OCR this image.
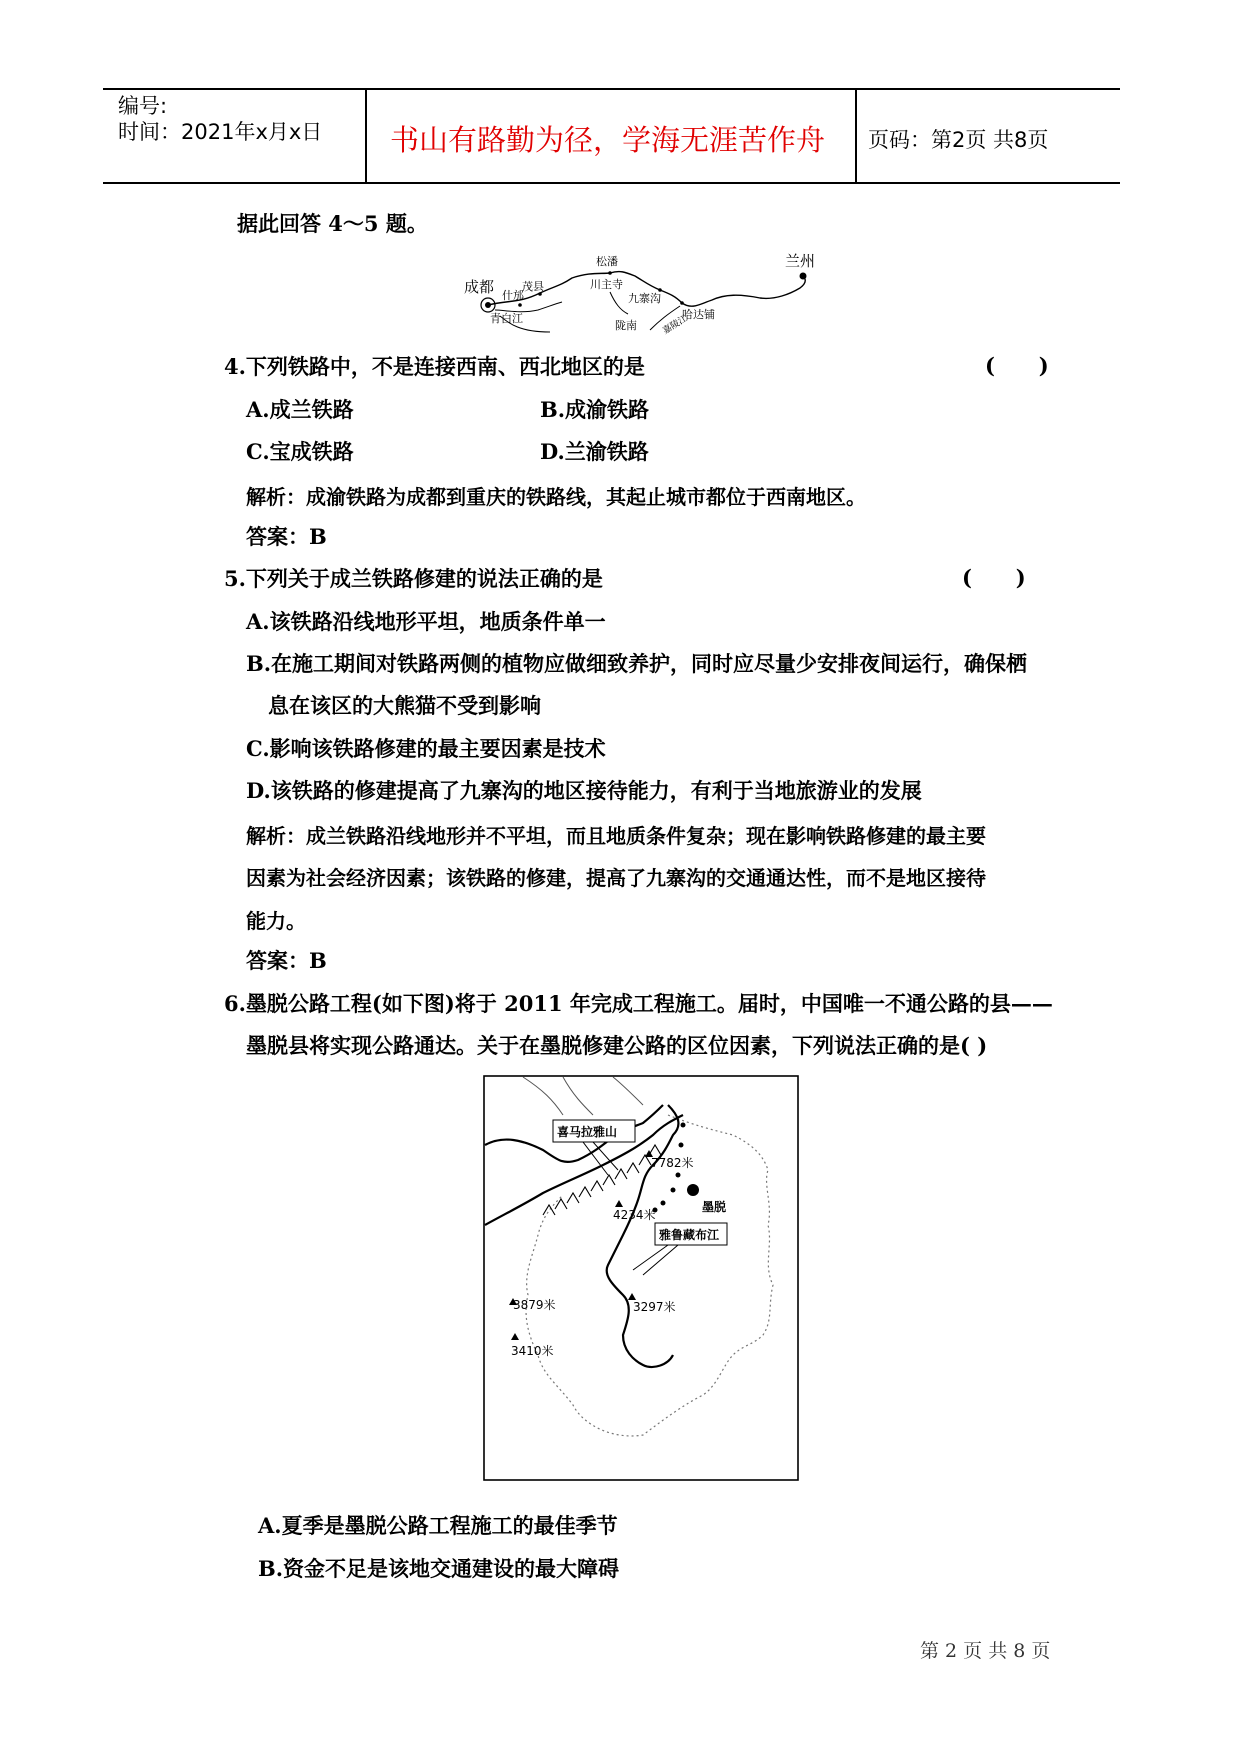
编号:
时间：2021年x月x日 书山有路勤为径，学海无涯苦作舟 页码：第2页 共8页
据此回答 4～5 题。
兰州
松潘
川主寺
九寨沟
哈达铺
陇南
茂县
什邡
成都
青白江	嘉陵江
4.下列铁路中，不是连接西南、西北地区的是	(      )
A.成兰铁路	B.成渝铁路
C.宝成铁路	D.兰渝铁路
解析：成渝铁路为成都到重庆的铁路线，其起止城市都位于西南地区。
答案：B
5.下列关于成兰铁路修建的说法正确的是	(      )
A.该铁路沿线地形平坦，地质条件单一
B.在施工期间对铁路两侧的植物应做细致养护，同时应尽量少安排夜间运行，确保栖
息在该区的大熊猫不受到影响
C.影响该铁路修建的最主要因素是技术
D.该铁路的修建提高了九寨沟的地区接待能力，有利于当地旅游业的发展
解析：成兰铁路沿线地形并不平坦，而且地质条件复杂；现在影响铁路修建的最主要
因素为社会经济因素；该铁路的修建，提高了九寨沟的交通通达性，而不是地区接待
能力。
答案：B
6.墨脱公路工程(如下图)将于 2011 年完成工程施工。届时，中国唯一不通公路的县——
墨脱县将实现公路通达。关于在墨脱修建公路的区位因素，下列说法正确的是( )
喜马拉雅山
7782米
墨脱
4234米
雅鲁藏布江
3879米	3297米
3410米
A.夏季是墨脱公路工程施工的最佳季节
B.资金不足是该地交通建设的最大障碍
第 2 页 共 8 页
